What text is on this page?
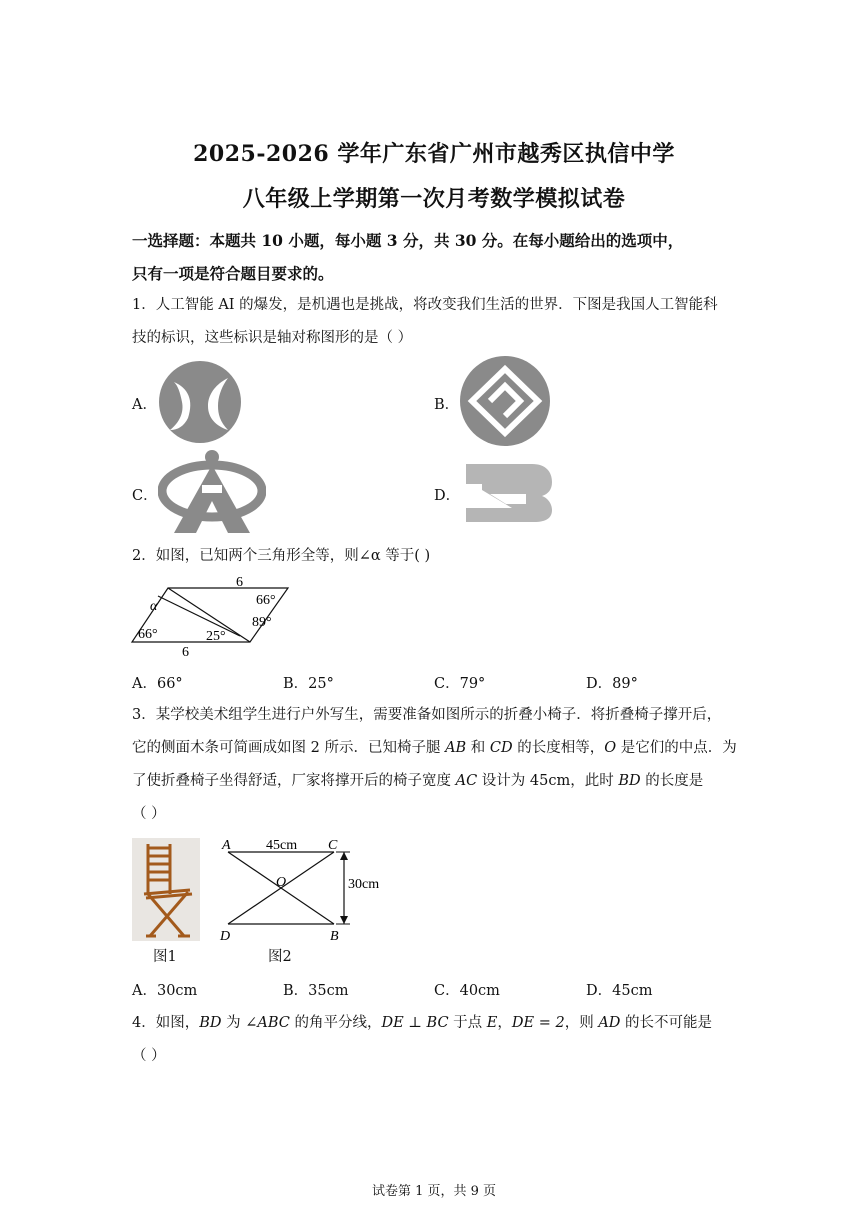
2025-2026 学年广东省广州市越秀区执信中学
八年级上学期第一次月考数学模拟试卷
一选择题：本题共 10 小题，每小题 3 分，共 30 分。在每小题给出的选项中，
只有一项是符合题目要求的。
1．人工智能 AI 的爆发，是机遇也是挑战，将改变我们生活的世界．下图是我国人工智能科
技的标识，这些标识是轴对称图形的是（ ）
A．	B．
C．	D．
2．如图，已知两个三角形全等，则∠α 等于( )
6
66°
89°
α
66°	25°
6
A．66°	B．25°	C．79°	D．89°
3．某学校美术组学生进行户外写生，需要准备如图所示的折叠小椅子．将折叠椅子撑开后，
它的侧面木条可简画成如图 2 所示．已知椅子腿 AB 和 CD 的长度相等，O 是它们的中点．为
了使折叠椅子坐得舒适，厂家将撑开后的椅子宽度 AC 设计为 45cm，此时 BD 的长度是
（ ）
A	45cm C
O	30cm
D	B
图1	图2
A．30cm	B．35cm	C．40cm	D．45cm
4．如图，BD 为 ∠ABC 的角平分线，DE ⊥ BC 于点 E，DE = 2，则 AD 的长不可能是
（ ）
试卷第 1 页，共 9 页
